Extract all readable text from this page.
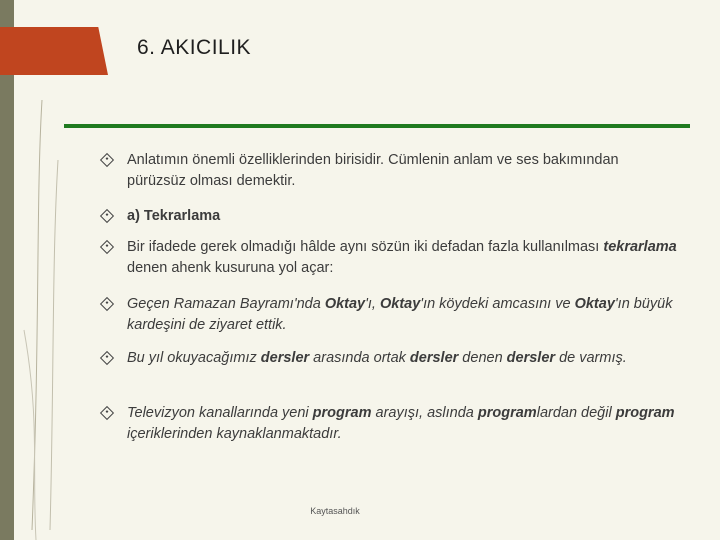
6. AKICILIK
Anlatımın önemli özelliklerinden birisidir. Cümlenin anlam ve ses bakımından pürüzsüz olması demektir.
a) Tekrarlama
Bir ifadede gerek olmadığı hâlde aynı sözün iki defadan fazla kullanılması tekrarlama denen ahenk kusuruna yol açar:
Geçen Ramazan Bayramı'nda Oktay'ı, Oktay'ın köydeki amcasını ve Oktay'ın büyük kardeşini de ziyaret ettik.
Bu yıl okuyacağımız dersler arasında ortak dersler denen dersler de varmış.
Televizyon kanallarında yeni program arayışı, aslında programlardan değil program içeriklerinden kaynaklanmaktadır.
Kaytasahdık
